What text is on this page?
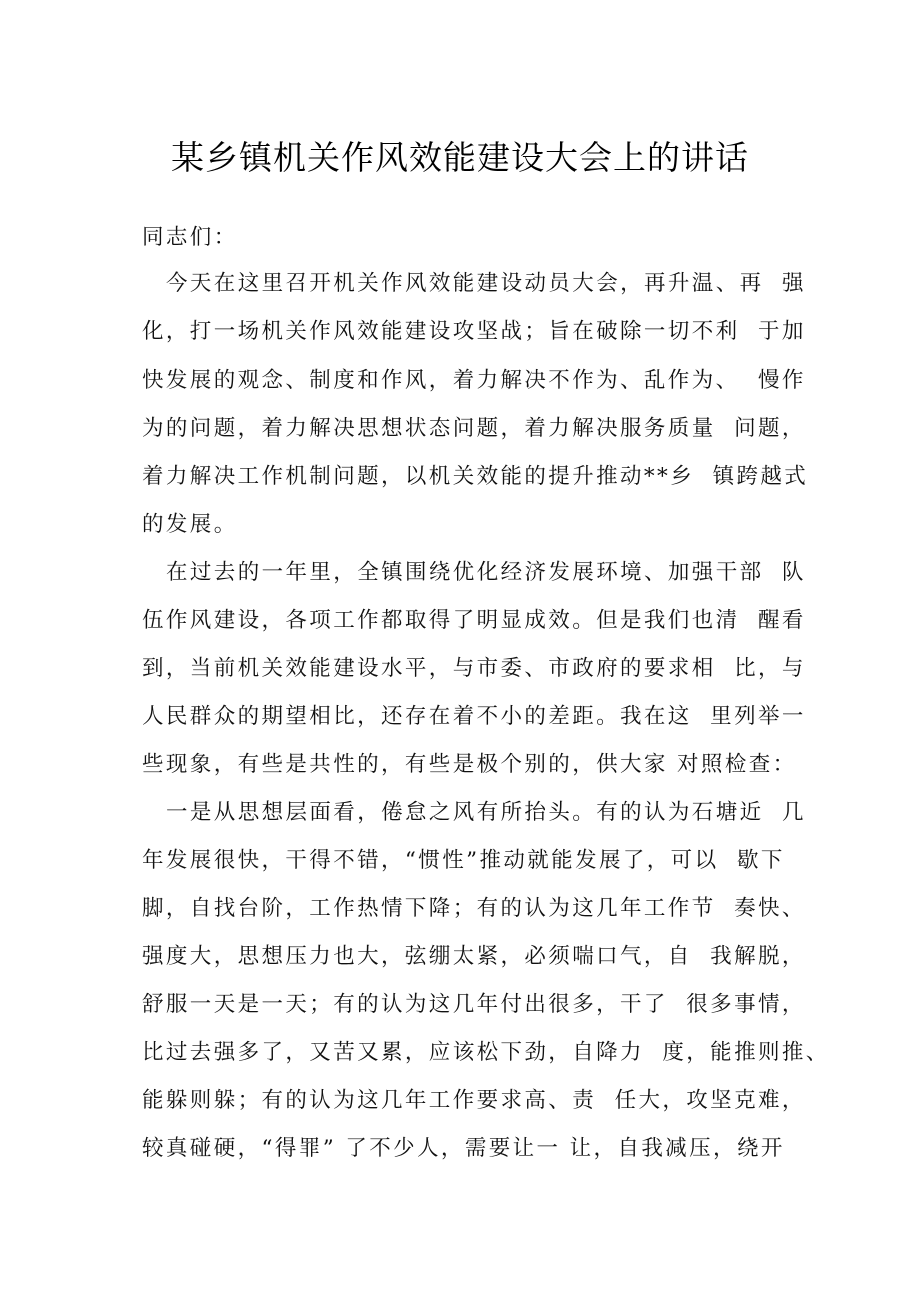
某乡镇机关作风效能建设大会上的讲话
同志们：
今天在这里召开机关作风效能建设动员大会，再升温、再  强
化，打一场机关作风效能建设攻坚战；旨在破除一切不利  于加
快发展的观念、制度和作风，着力解决不作为、乱作为、  慢作
为的问题，着力解决思想状态问题，着力解决服务质量  问题，
着力解决工作机制问题，以机关效能的提升推动**乡  镇跨越式
的发展。
在过去的一年里，全镇围绕优化经济发展环境、加强干部  队
伍作风建设，各项工作都取得了明显成效。但是我们也清  醒看
到，当前机关效能建设水平，与市委、市政府的要求相  比，与
人民群众的期望相比，还存在着不小的差距。我在这  里列举一
些现象，有些是共性的，有些是极个别的，供大家 对照检查：
一是从思想层面看，倦怠之风有所抬头。有的认为石塘近  几
年发展很快，干得不错，“惯性”推动就能发展了，可以  歇下
脚，自找台阶，工作热情下降；有的认为这几年工作节  奏快、
强度大，思想压力也大，弦绷太紧，必须喘口气，自  我解脱，
舒服一天是一天；有的认为这几年付出很多，干了  很多事情，
比过去强多了，又苦又累，应该松下劲，自降力  度，能推则推、
能躲则躲；有的认为这几年工作要求高、责  任大，攻坚克难，
较真碰硬，“得罪” 了不少人，需要让一 让，自我减压，绕开
